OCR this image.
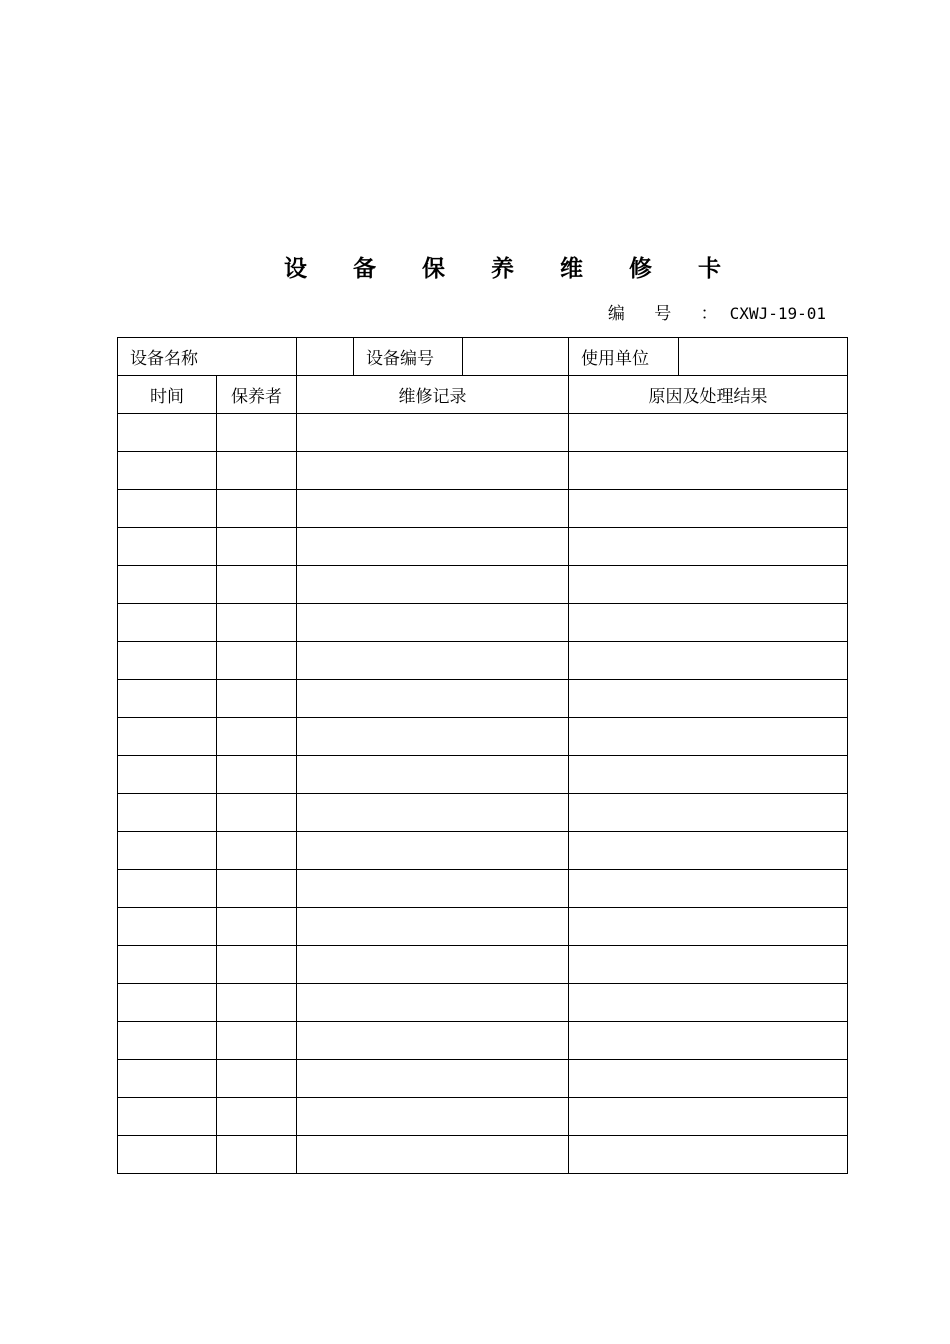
设 备 保 养 维 修 卡
编 号 ：CXWJ-19-01
设备名称			设备编号		使用单位	
时间	保养者	维修记录			原因及处理结果	
